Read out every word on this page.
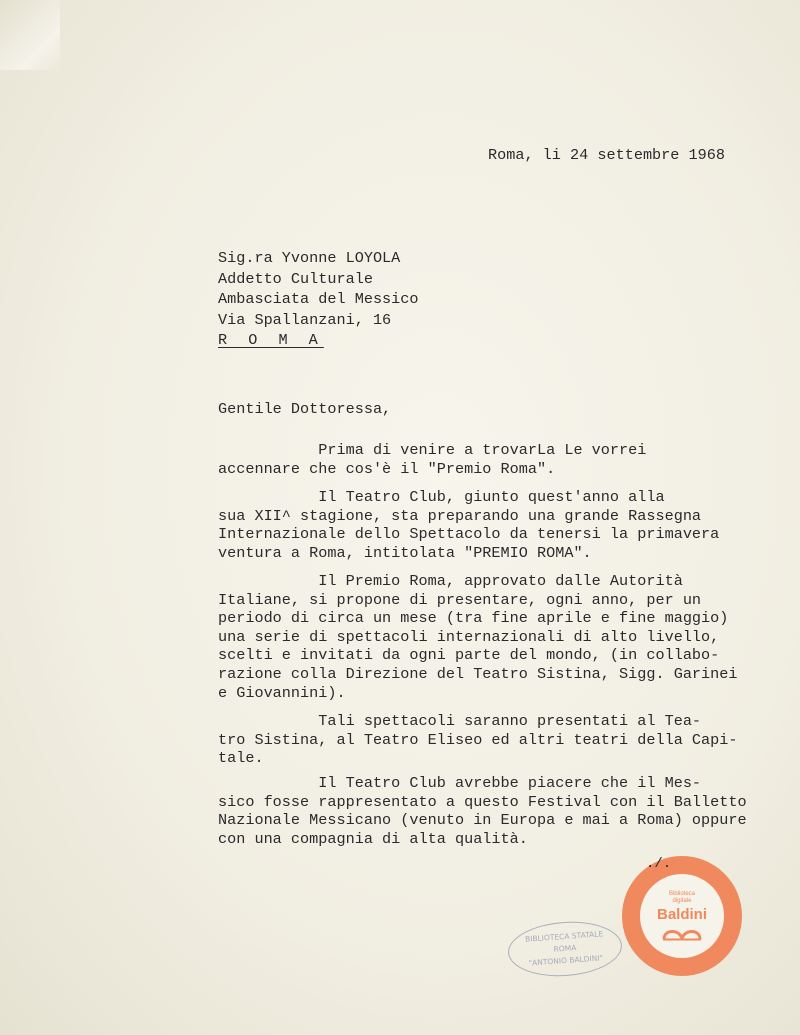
Roma, li 24 settembre 1968
Sig.ra Yvonne LOYOLA
Addetto Culturale
Ambasciata del Messico
Via Spallanzani, 16
R O M A
Gentile Dottoressa,
Prima di venire a trovarLa Le vorrei
accennare che cos'è il "Premio Roma".
Il Teatro Club, giunto quest'anno alla
sua XII^ stagione, sta preparando una grande Rassegna
Internazionale dello Spettacolo da tenersi la primavera
ventura a Roma, intitolata "PREMIO ROMA".
Il Premio Roma, approvato dalle Autorità
Italiane, si propone di presentare, ogni anno, per un
periodo di circa un mese (tra fine aprile e fine maggio)
una serie di spettacoli internazionali di alto livello,
scelti e invitati da ogni parte del mondo, (in collabo-
razione colla Direzione del Teatro Sistina, Sigg. Garinei
e Giovannini).
Tali spettacoli saranno presentati al Tea-
tro Sistina, al Teatro Eliseo ed altri teatri della Capi-
tale.
Il Teatro Club avrebbe piacere che il Mes-
sico fosse rappresentato a questo Festival con il Balletto
Nazionale Messicano (venuto in Europa e mai a Roma) oppure
con una compagnia di alta qualità.
BIBLIOTECA STATALE
ROMA
"ANTONIO BALDINI"
Biblioteca
digitale
Baldini
./.
